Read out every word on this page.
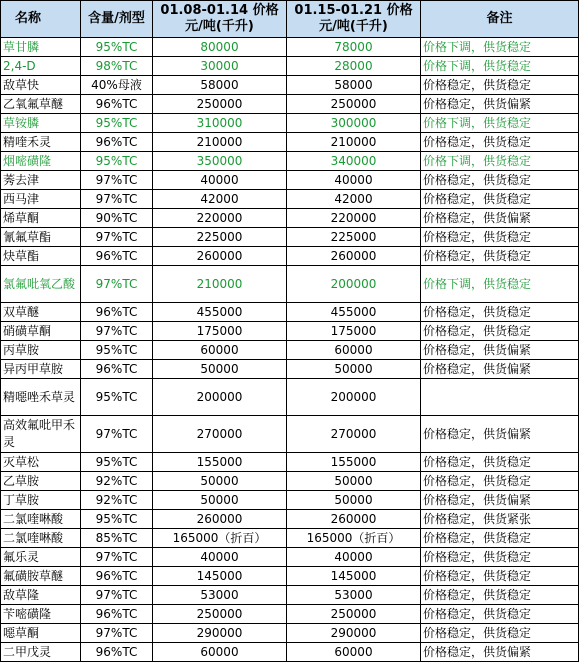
名称	含量/剂型	01.08-01.14 价格元/吨(千升)	01.15-01.21 价格元/吨(千升)	备注
草甘膦	95%TC	80000	78000	价格下调，供货稳定
2,4-D	98%TC	30000	28000	价格下调，供货稳定
敌草快	40%母液	58000	58000	价格稳定，供货稳定
乙氧氟草醚	96%TC	250000	250000	价格稳定，供货偏紧
草铵膦	95%TC	310000	300000	价格下调，供货稳定
精喹禾灵	96%TC	210000	210000	价格稳定，供货稳定
烟嘧磺隆	95%TC	350000	340000	价格下调，供货稳定
莠去津	97%TC	40000	40000	价格稳定，供货稳定
西马津	97%TC	42000	42000	价格稳定，供货稳定
烯草酮	90%TC	220000	220000	价格稳定，供货偏紧
氰氟草酯	97%TC	225000	225000	价格稳定，供货稳定
炔草酯	96%TC	260000	260000	价格稳定，供货稳定
氯氟吡氧乙酸	97%TC	210000	200000	价格下调，供货稳定
双草醚	96%TC	455000	455000	价格稳定，供货稳定
硝磺草酮	97%TC	175000	175000	价格稳定，供货稳定
丙草胺	95%TC	60000	60000	价格稳定，供货偏紧
异丙甲草胺	96%TC	50000	50000	价格稳定，供货偏紧
精噁唑禾草灵	95%TC	200000	200000	
高效氟吡甲禾灵	97%TC	270000	270000	价格稳定，供货偏紧
灭草松	95%TC	155000	155000	价格稳定，供货稳定
乙草胺	92%TC	50000	50000	价格稳定，供货稳定
丁草胺	92%TC	50000	50000	价格稳定，供货偏紧
二氯喹啉酸	95%TC	260000	260000	价格稳定，供货紧张
二氯喹啉酸	85%TC	165000（折百）	165000（折百）	价格稳定，供货稳定
氟乐灵	97%TC	40000	40000	价格稳定，供货稳定
氟磺胺草醚	96%TC	145000	145000	价格稳定，供货稳定
敌草隆	97%TC	53000	53000	价格稳定，供货稳定
苄嘧磺隆	96%TC	250000	250000	价格稳定，供货稳定
噁草酮	97%TC	290000	290000	价格稳定，供货稳定
二甲戊灵	96%TC	60000	60000	价格稳定，供货偏紧
